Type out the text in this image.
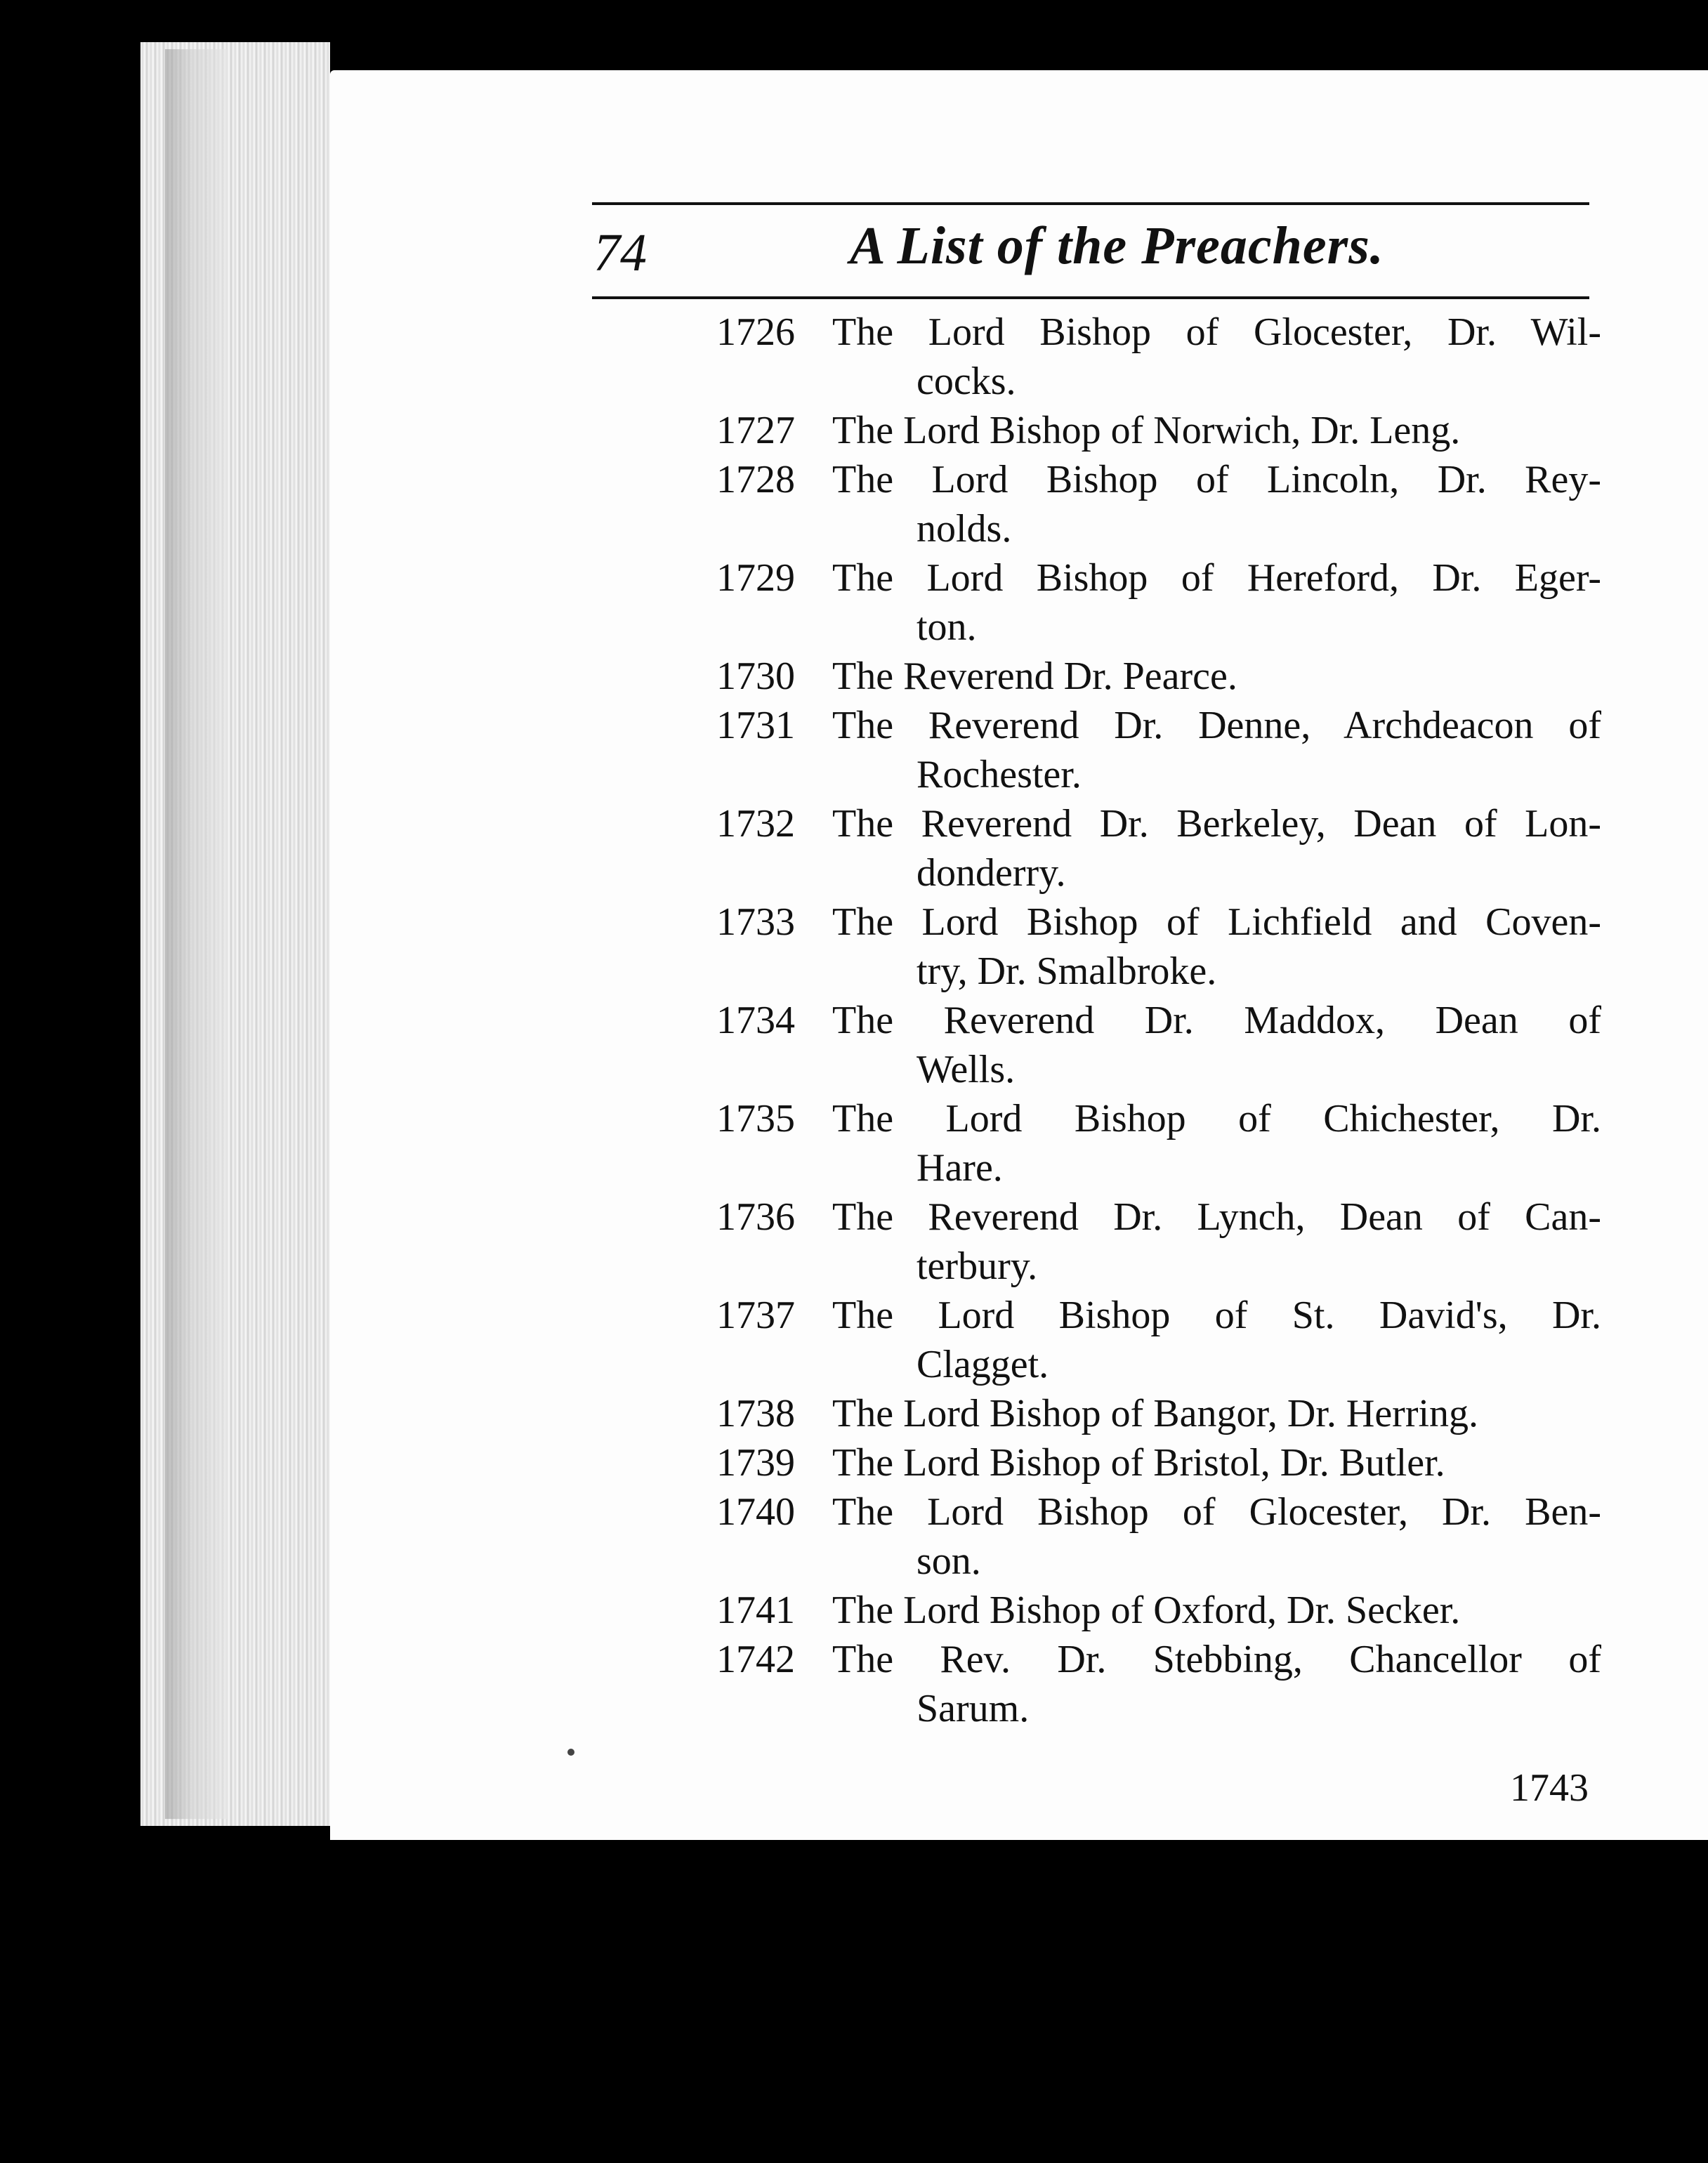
74	A List of the Preachers.
1726 The Lord Bishop of Glocester, Dr. Wil-
cocks.
1727 The Lord Bishop of Norwich, Dr. Leng.
1728 The Lord Bishop of Lincoln, Dr. Rey-
nolds.
1729 The Lord Bishop of Hereford, Dr. Eger-
ton.
1730 The Reverend Dr. Pearce.
1731 The Reverend Dr. Denne, Archdeacon of
Rochester.
1732 The Reverend Dr. Berkeley, Dean of Lon-
donderry.
1733 The Lord Bishop of Lichfield and Coven-
try, Dr. Smalbroke.
1734 The Reverend Dr. Maddox, Dean of
Wells.
1735 The Lord Bishop of Chichester, Dr.
Hare.
1736 The Reverend Dr. Lynch, Dean of Can-
terbury.
1737 The Lord Bishop of St. David's, Dr.
Clagget.
1738 The Lord Bishop of Bangor, Dr. Herring.
1739 The Lord Bishop of Bristol, Dr. Butler.
1740 The Lord Bishop of Glocester, Dr. Ben-
son.
1741 The Lord Bishop of Oxford, Dr. Secker.
1742 The Rev. Dr. Stebbing, Chancellor of
Sarum.
1743
